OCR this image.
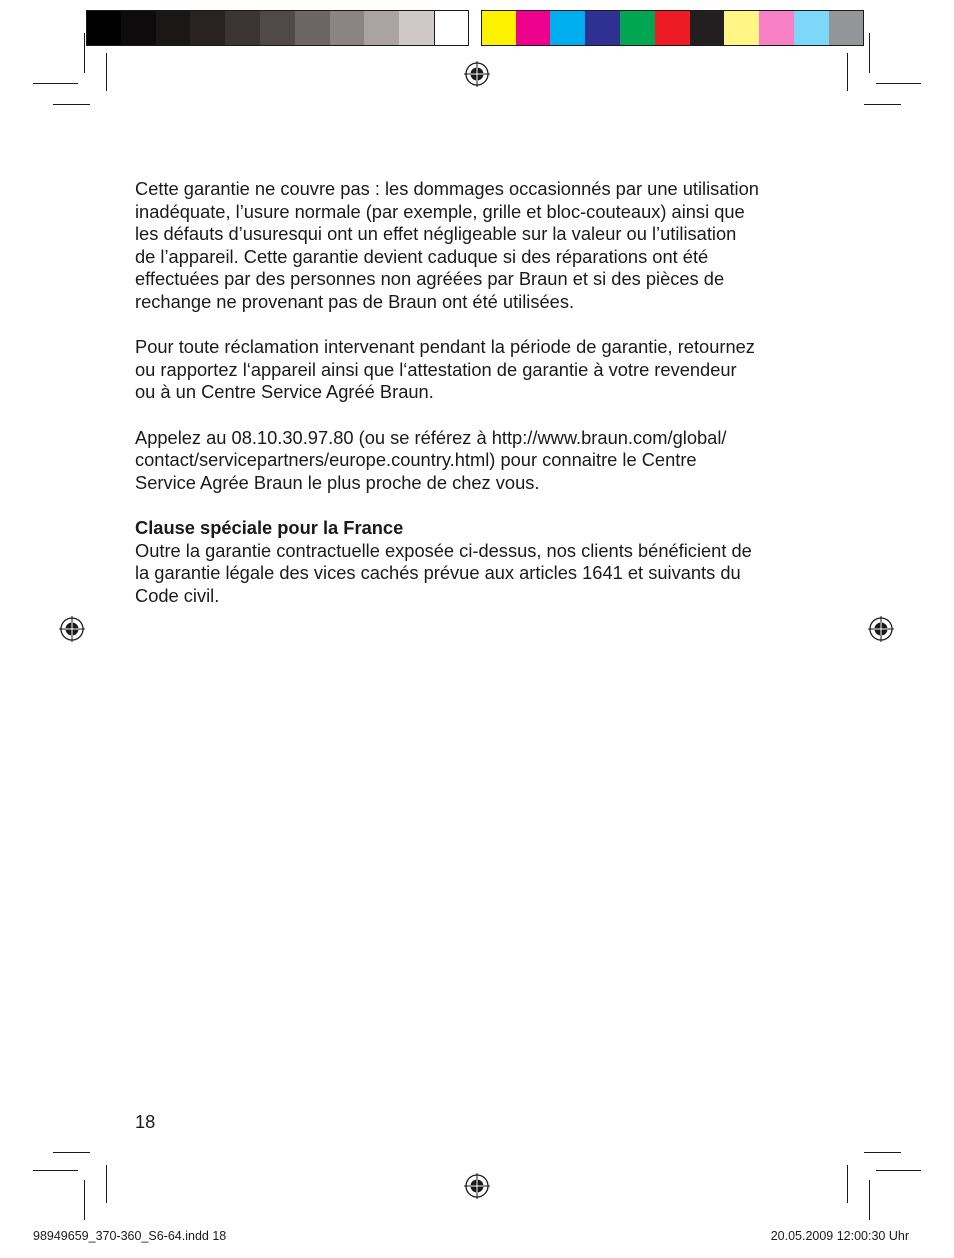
Cette garantie ne couvre pas : les dommages occasionnés par une utilisation
inadéquate, l’usure normale (par exemple, grille et bloc-couteaux) ainsi que
les défauts d’usuresqui ont un effet négligeable sur la valeur ou l’utilisation
de l’appareil. Cette garantie devient caduque si des réparations ont été
effectuées par des personnes non agréées par Braun et si des pièces de
rechange ne provenant pas de Braun ont été utilisées.

Pour toute réclamation intervenant pendant la période de garantie, retournez
ou rapportez l‘appareil ainsi que l‘attestation de garantie à votre revendeur
ou à un Centre Service Agréé Braun.

Appelez au 08.10.30.97.80 (ou se référez à http://www.braun.com/global/
contact/servicepartners/europe.country.html) pour connaitre le Centre
Service Agrée Braun le plus proche de chez vous.

Clause spéciale pour la France

Outre la garantie contractuelle exposée ci-dessus, nos clients bénéficient de
la garantie légale des vices cachés prévue aux articles 1641 et suivants du
Code civil.

18
98949659_370-360_S6-64.indd 18	20.05.2009 12:00:30 Uhr
